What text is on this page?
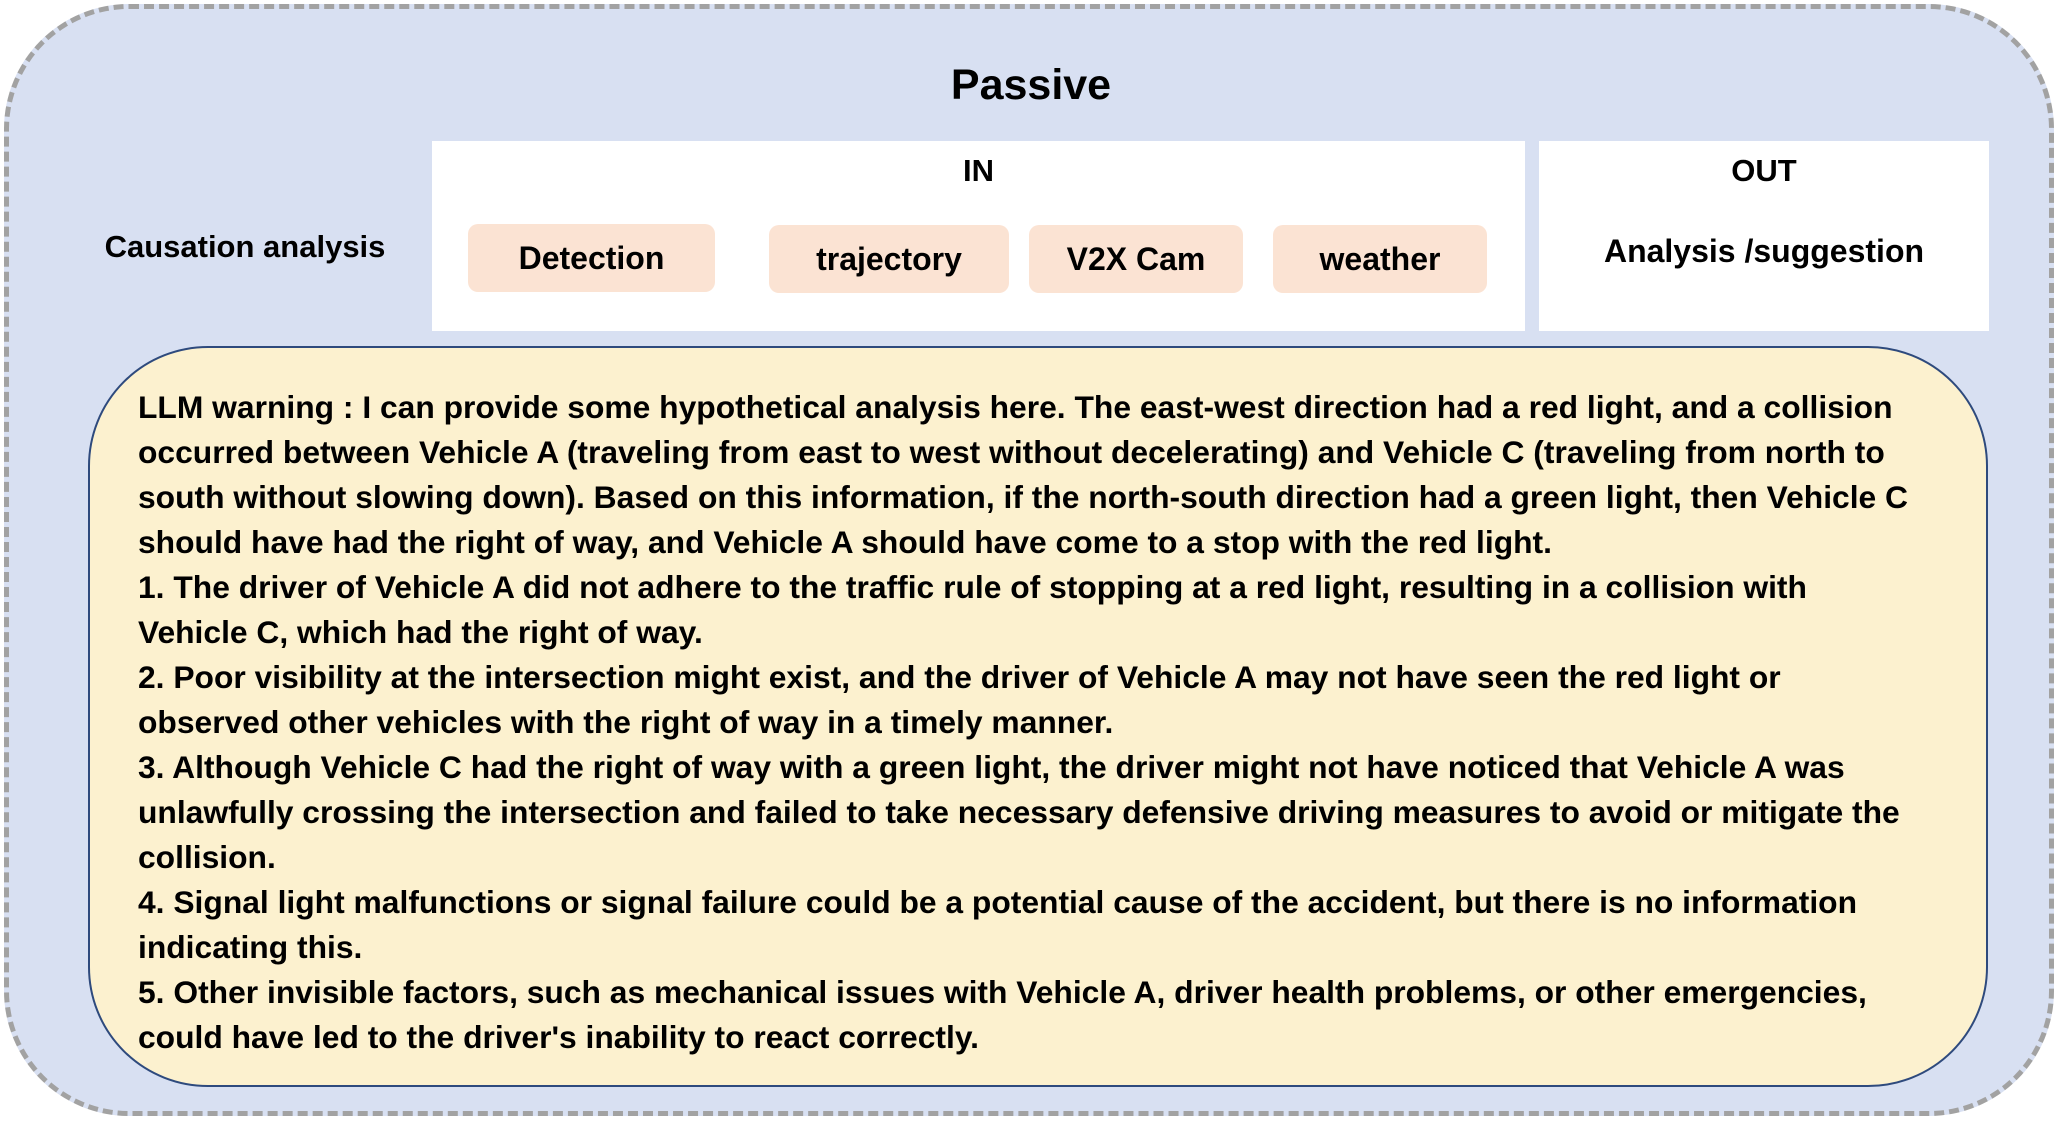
Passive
Causation analysis
IN
Detection	trajectory	V2X Cam	weather
OUT
Analysis /suggestion

LLM warning : I can provide some hypothetical analysis here. The east-west direction had a red light, and a collision

occurred between Vehicle A (traveling from east to west without decelerating) and Vehicle C (traveling from north to

south without slowing down). Based on this information, if the north-south direction had a green light, then Vehicle C

should have had the right of way, and Vehicle A should have come to a stop with the red light.

1. The driver of Vehicle A did not adhere to the traffic rule of stopping at a red light, resulting in a collision with

Vehicle C, which had the right of way.

2. Poor visibility at the intersection might exist, and the driver of Vehicle A may not have seen the red light or

observed other vehicles with the right of way in a timely manner.

3. Although Vehicle C had the right of way with a green light, the driver might not have noticed that Vehicle A was

unlawfully crossing the intersection and failed to take necessary defensive driving measures to avoid or mitigate the

collision.

4. Signal light malfunctions or signal failure could be a potential cause of the accident, but there is no information

indicating this.

5. Other invisible factors, such as mechanical issues with Vehicle A, driver health problems, or other emergencies,

could have led to the driver's inability to react correctly.
